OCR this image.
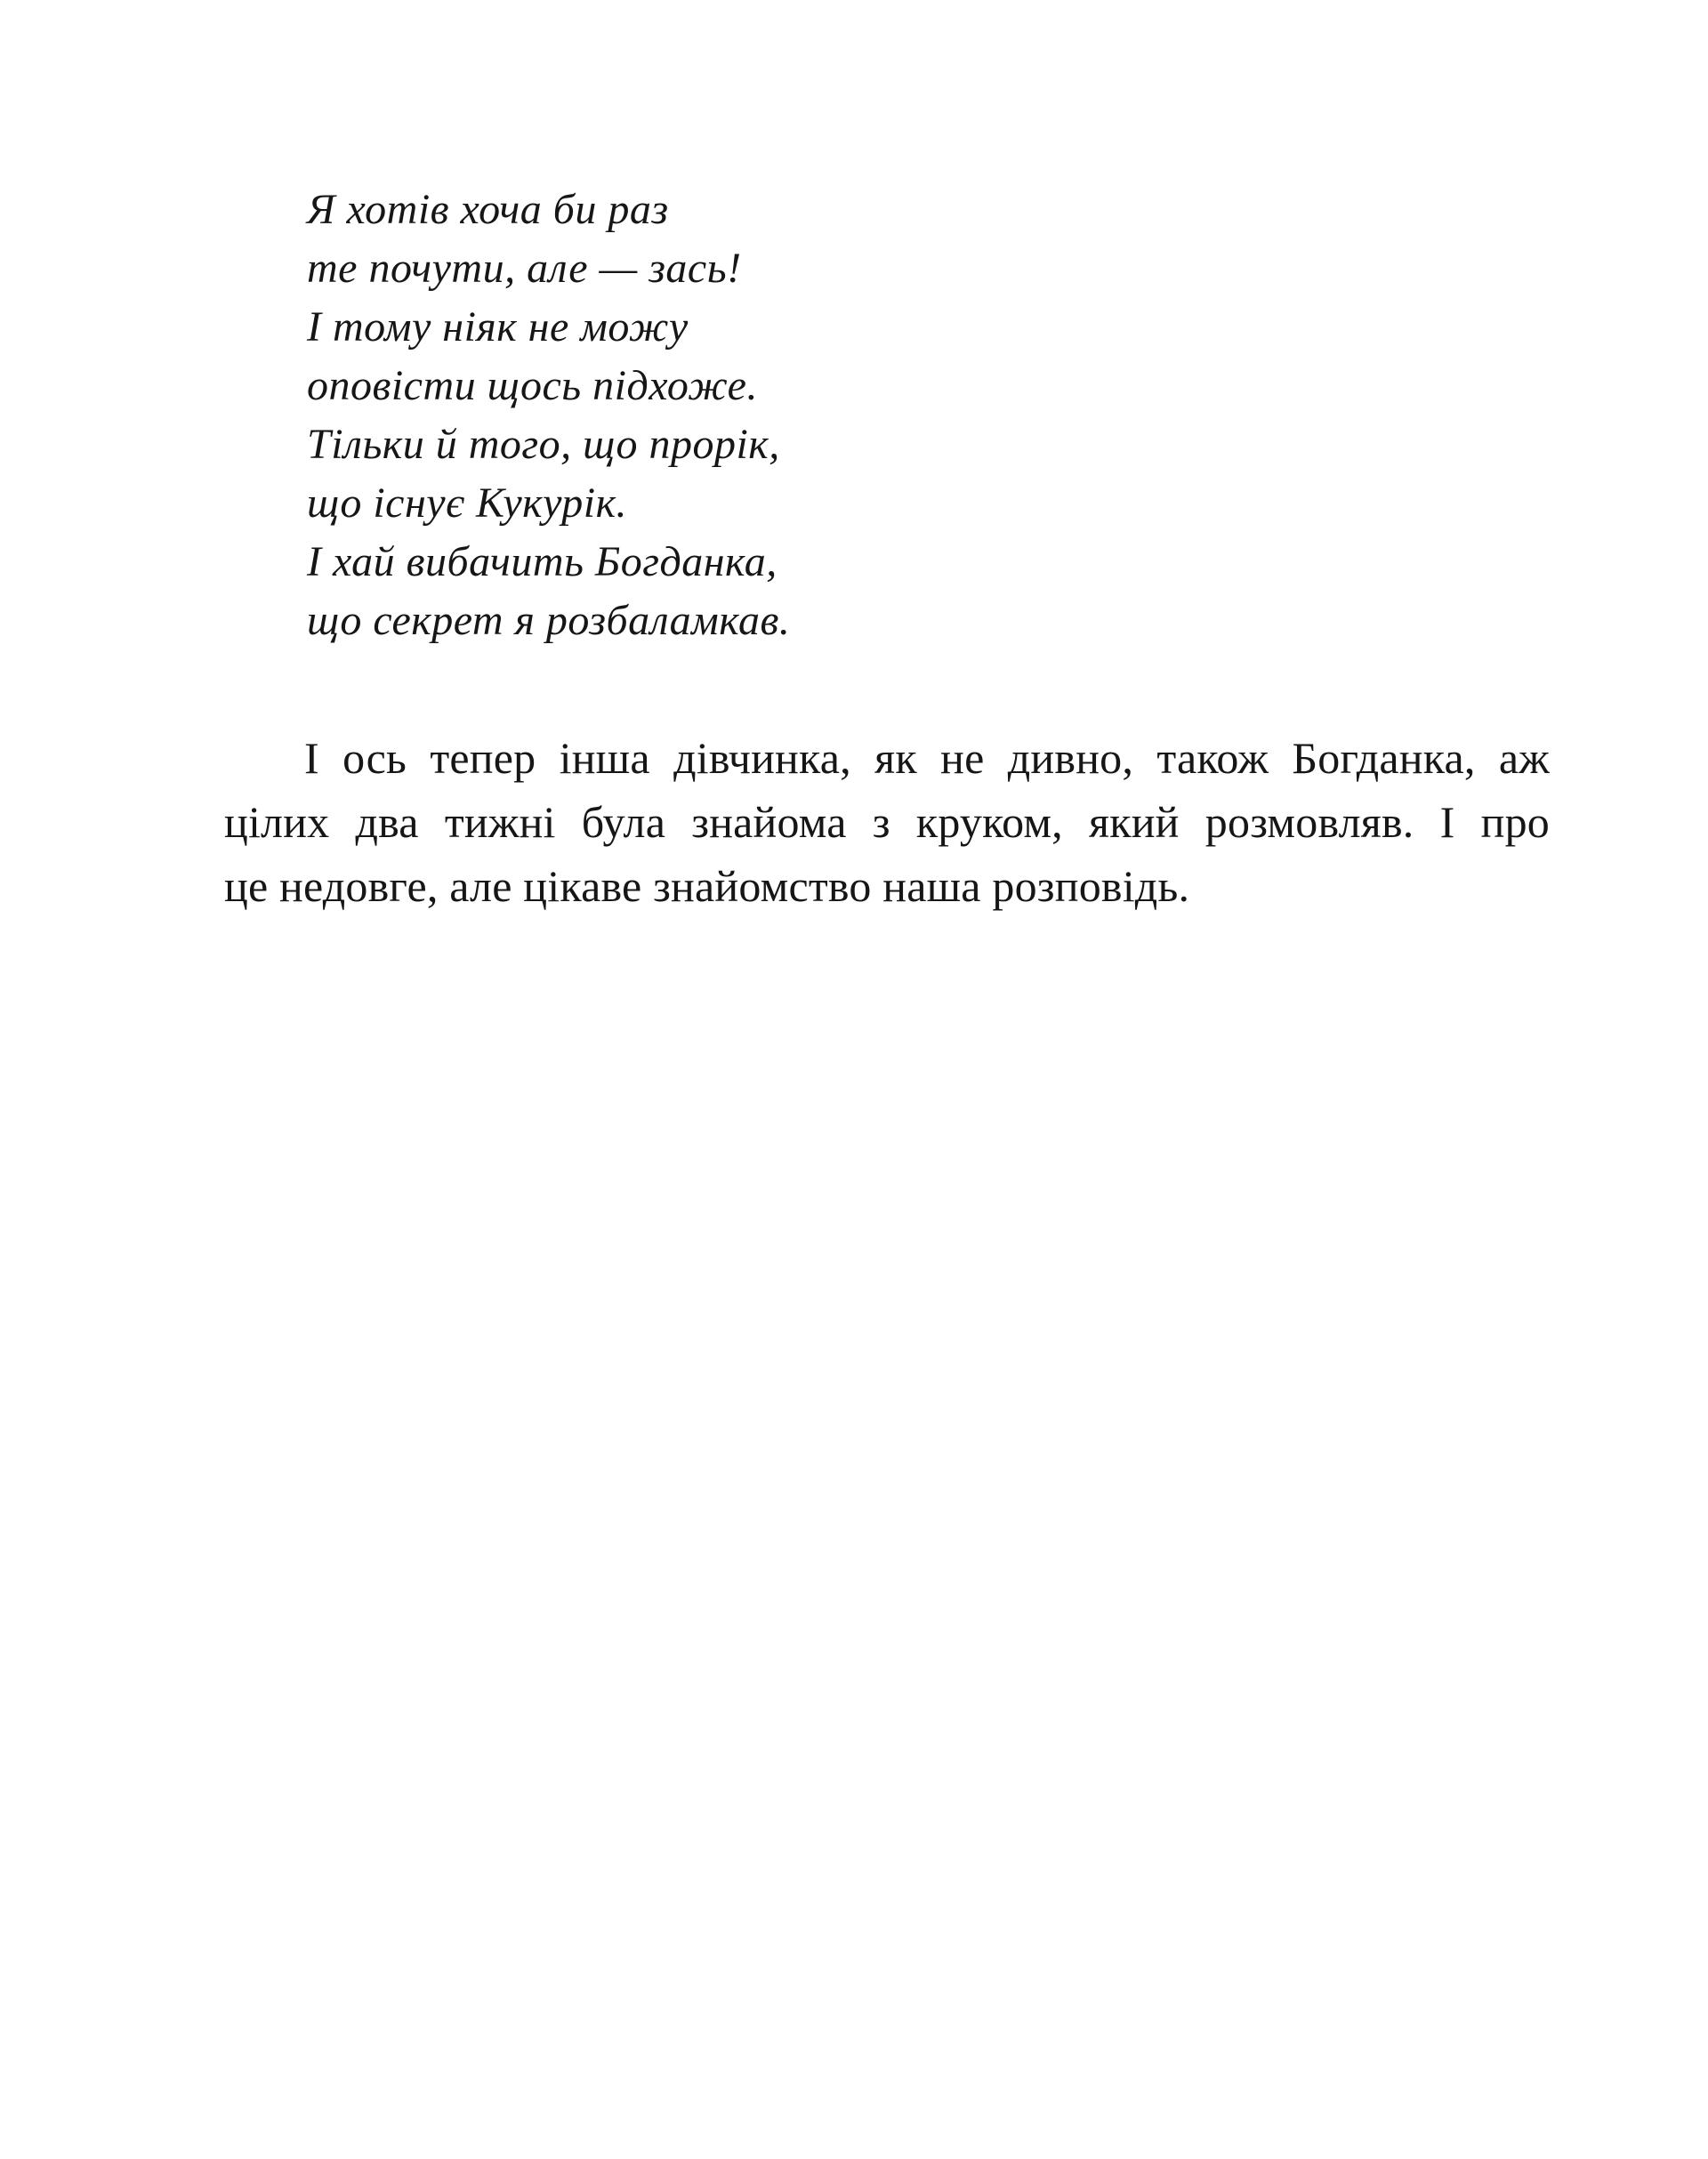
Я хотів хоча би раз
те почути, але — зась!
І тому ніяк не можу
оповісти щось підхоже.
Тільки й того, що прорік,
що існує Кукурік.
І хай вибачить Богданка,
що секрет я розбаламкав.
І ось тепер інша дівчинка, як не дивно, також Богданка, аж
цілих два тижні була знайома з круком, який розмовляв. І про
це недовге, але цікаве знайомство наша розповідь.
